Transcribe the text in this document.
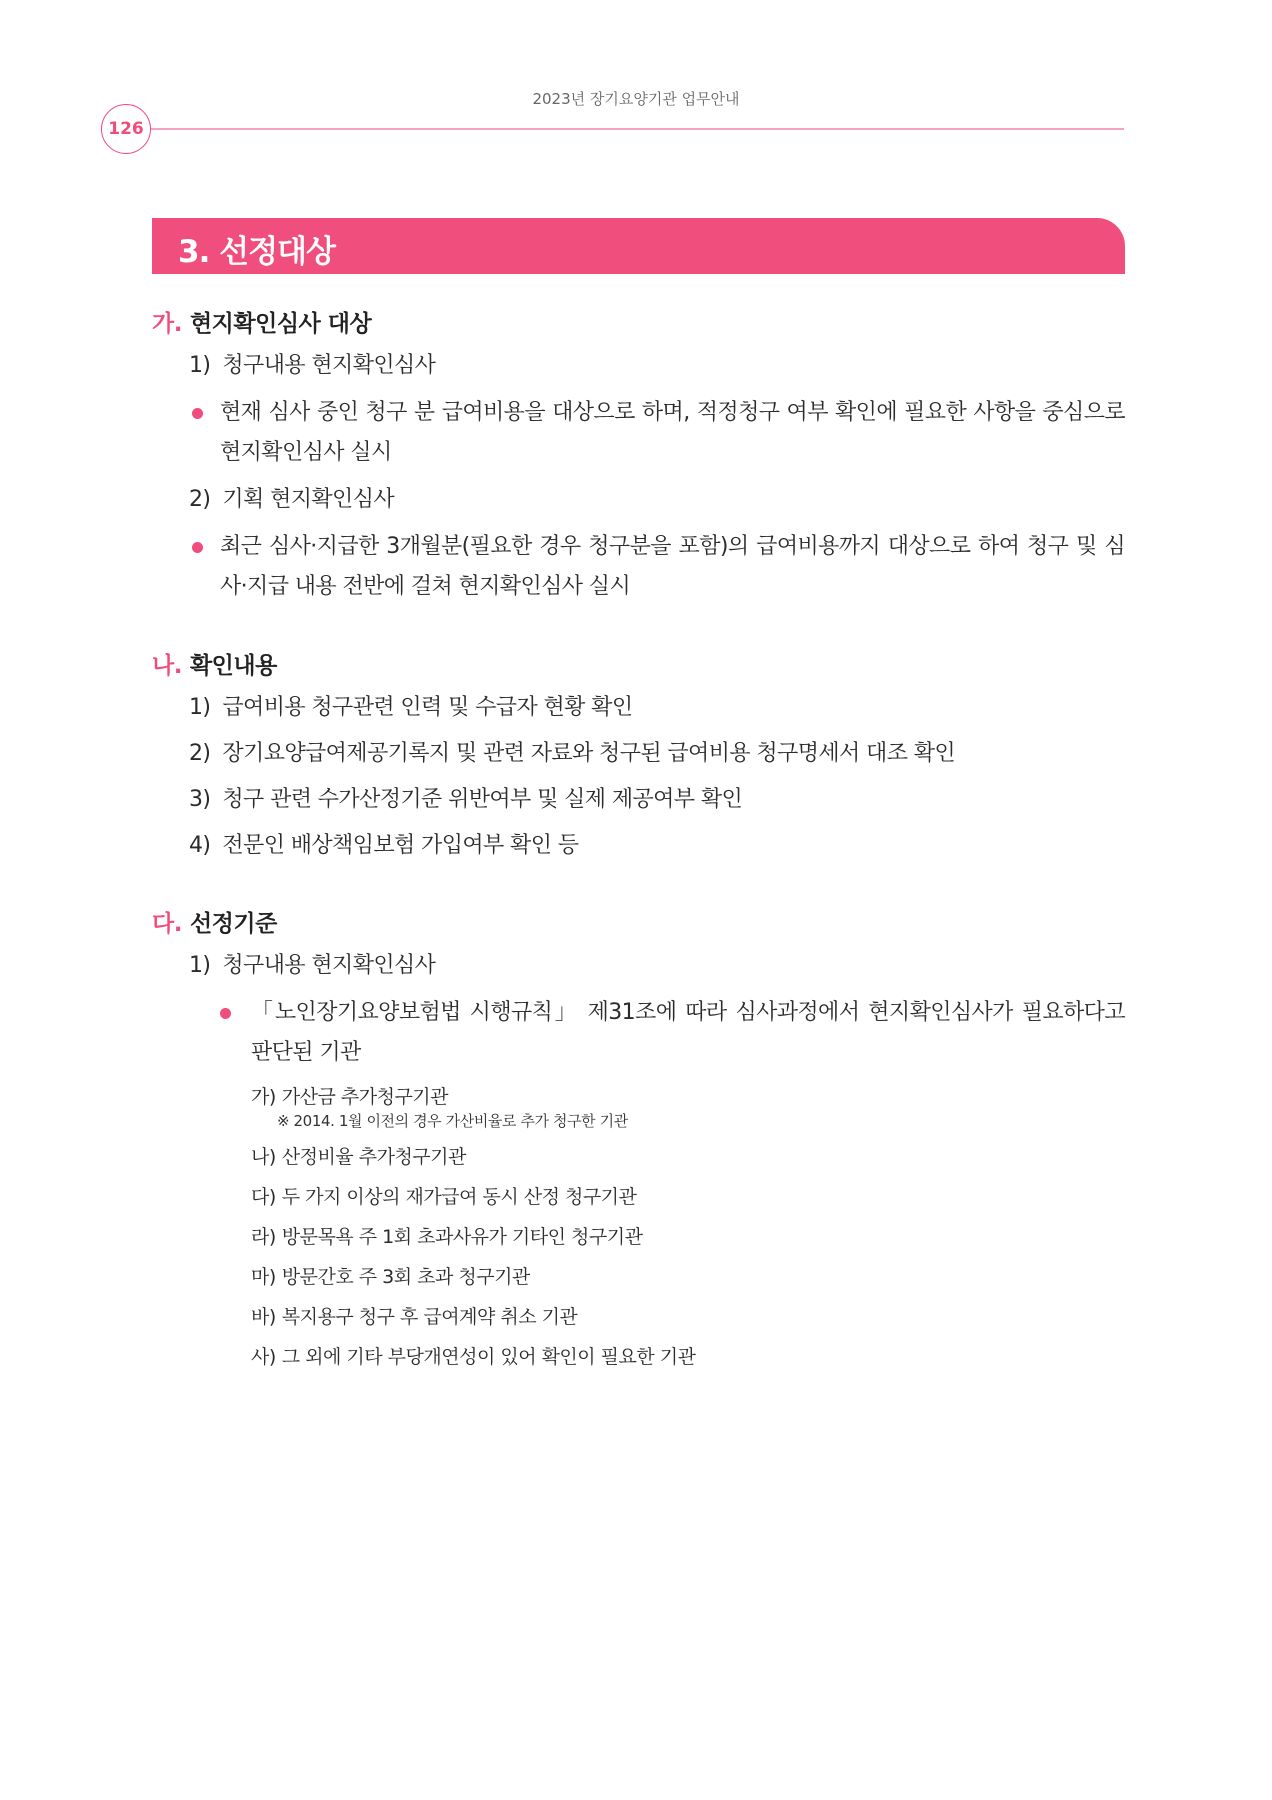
2023년 장기요양기관 업무안내
126
3. 선정대상
가. 현지확인심사 대상
1) 청구내용 현지확인심사
현재 심사 중인 청구 분 급여비용을 대상으로 하며, 적정청구 여부 확인에 필요한 사항을 중심으로 현지확인심사 실시
2) 기획 현지확인심사
최근 심사·지급한 3개월분(필요한 경우 청구분을 포함)의 급여비용까지 대상으로 하여 청구 및 심사·지급 내용 전반에 걸쳐 현지확인심사 실시
나. 확인내용
1) 급여비용 청구관련 인력 및 수급자 현황 확인
2) 장기요양급여제공기록지 및 관련 자료와 청구된 급여비용 청구명세서 대조 확인
3) 청구 관련 수가산정기준 위반여부 및 실제 제공여부 확인
4) 전문인 배상책임보험 가입여부 확인 등
다. 선정기준
1) 청구내용 현지확인심사
「노인장기요양보험법 시행규칙」 제31조에 따라 심사과정에서 현지확인심사가 필요하다고 판단된 기관
가) 가산금 추가청구기관
※ 2014. 1월 이전의 경우 가산비율로 추가 청구한 기관
나) 산정비율 추가청구기관
다) 두 가지 이상의 재가급여 동시 산정 청구기관
라) 방문목욕 주 1회 초과사유가 기타인 청구기관
마) 방문간호 주 3회 초과 청구기관
바) 복지용구 청구 후 급여계약 취소 기관
사) 그 외에 기타 부당개연성이 있어 확인이 필요한 기관
